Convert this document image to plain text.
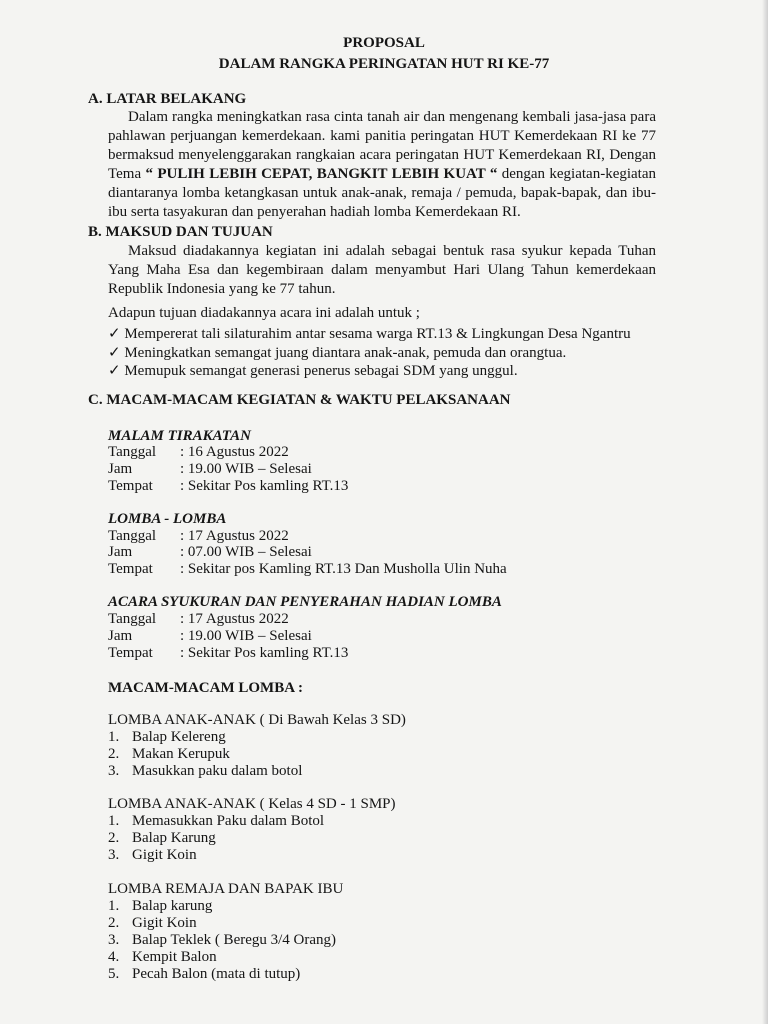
PROPOSAL
DALAM RANGKA PERINGATAN HUT RI KE-77
A. LATAR BELAKANG
Dalam rangka meningkatkan rasa cinta tanah air dan mengenang kembali jasa-jasa para pahlawan perjuangan kemerdekaan. kami panitia peringatan HUT Kemerdekaan RI ke 77 bermaksud menyelenggarakan rangkaian acara peringatan HUT Kemerdekaan RI, Dengan Tema “ PULIH LEBIH CEPAT, BANGKIT LEBIH KUAT “ dengan kegiatan-kegiatan diantaranya lomba ketangkasan untuk anak-anak, remaja / pemuda, bapak-bapak, dan ibu-ibu serta tasyakuran dan penyerahan hadiah lomba Kemerdekaan RI.
B. MAKSUD DAN TUJUAN
Maksud diadakannya kegiatan ini adalah sebagai bentuk rasa syukur kepada Tuhan Yang Maha Esa dan kegembiraan dalam menyambut Hari Ulang Tahun kemerdekaan Republik Indonesia yang ke 77 tahun.
Adapun tujuan diadakannya acara ini adalah untuk ;
✓ Mempererat tali silaturahim antar sesama warga RT.13 & Lingkungan Desa Ngantru
✓ Meningkatkan semangat juang diantara anak-anak, pemuda dan orangtua.
✓ Memupuk semangat generasi penerus sebagai SDM yang unggul.
C. MACAM-MACAM KEGIATAN & WAKTU PELAKSANAAN
MALAM TIRAKATAN
Tanggal : 16 Agustus 2022
Jam	: 19.00 WIB – Selesai
Tempat : Sekitar Pos kamling RT.13
LOMBA - LOMBA
Tanggal : 17 Agustus 2022
Jam	: 07.00 WIB – Selesai
Tempat : Sekitar pos Kamling RT.13 Dan Musholla Ulin Nuha
ACARA SYUKURAN DAN PENYERAHAN HADIAN LOMBA
Tanggal : 17 Agustus 2022
Jam	: 19.00 WIB – Selesai
Tempat : Sekitar Pos kamling RT.13
MACAM-MACAM LOMBA :
LOMBA ANAK-ANAK ( Di Bawah Kelas 3 SD)
1. Balap Kelereng
2. Makan Kerupuk
3. Masukkan paku dalam botol
LOMBA ANAK-ANAK ( Kelas 4 SD - 1 SMP)
1. Memasukkan Paku dalam Botol
2. Balap Karung
3. Gigit Koin
LOMBA REMAJA DAN BAPAK IBU
1. Balap karung
2. Gigit Koin
3. Balap Teklek ( Beregu 3/4 Orang)
4. Kempit Balon
5. Pecah Balon (mata di tutup)
